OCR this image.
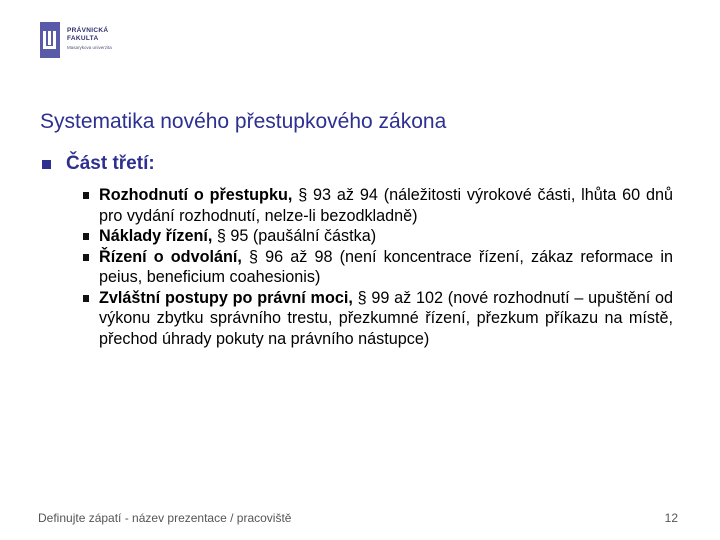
PRÁVNICKÁ
FAKULTA
Masarykova univerzita
Systematika nového přestupkového zákona
Část třetí:
Rozhodnutí o přestupku, § 93 až 94 (náležitosti výrokové části, lhůta 60 dnů pro vydání rozhodnutí, nelze-li bezodkladně)
Náklady řízení, § 95 (paušální částka)
Řízení o odvolání, § 96 až 98 (není koncentrace řízení, zákaz reformace in peius, beneficium coahesionis)
Zvláštní postupy po právní moci, § 99 až 102 (nové rozhodnutí – upuštění od výkonu zbytku správního trestu, přezkumné řízení, přezkum příkazu na místě, přechod úhrady pokuty na právního nástupce)
Definujte zápatí - název prezentace / pracoviště	12
